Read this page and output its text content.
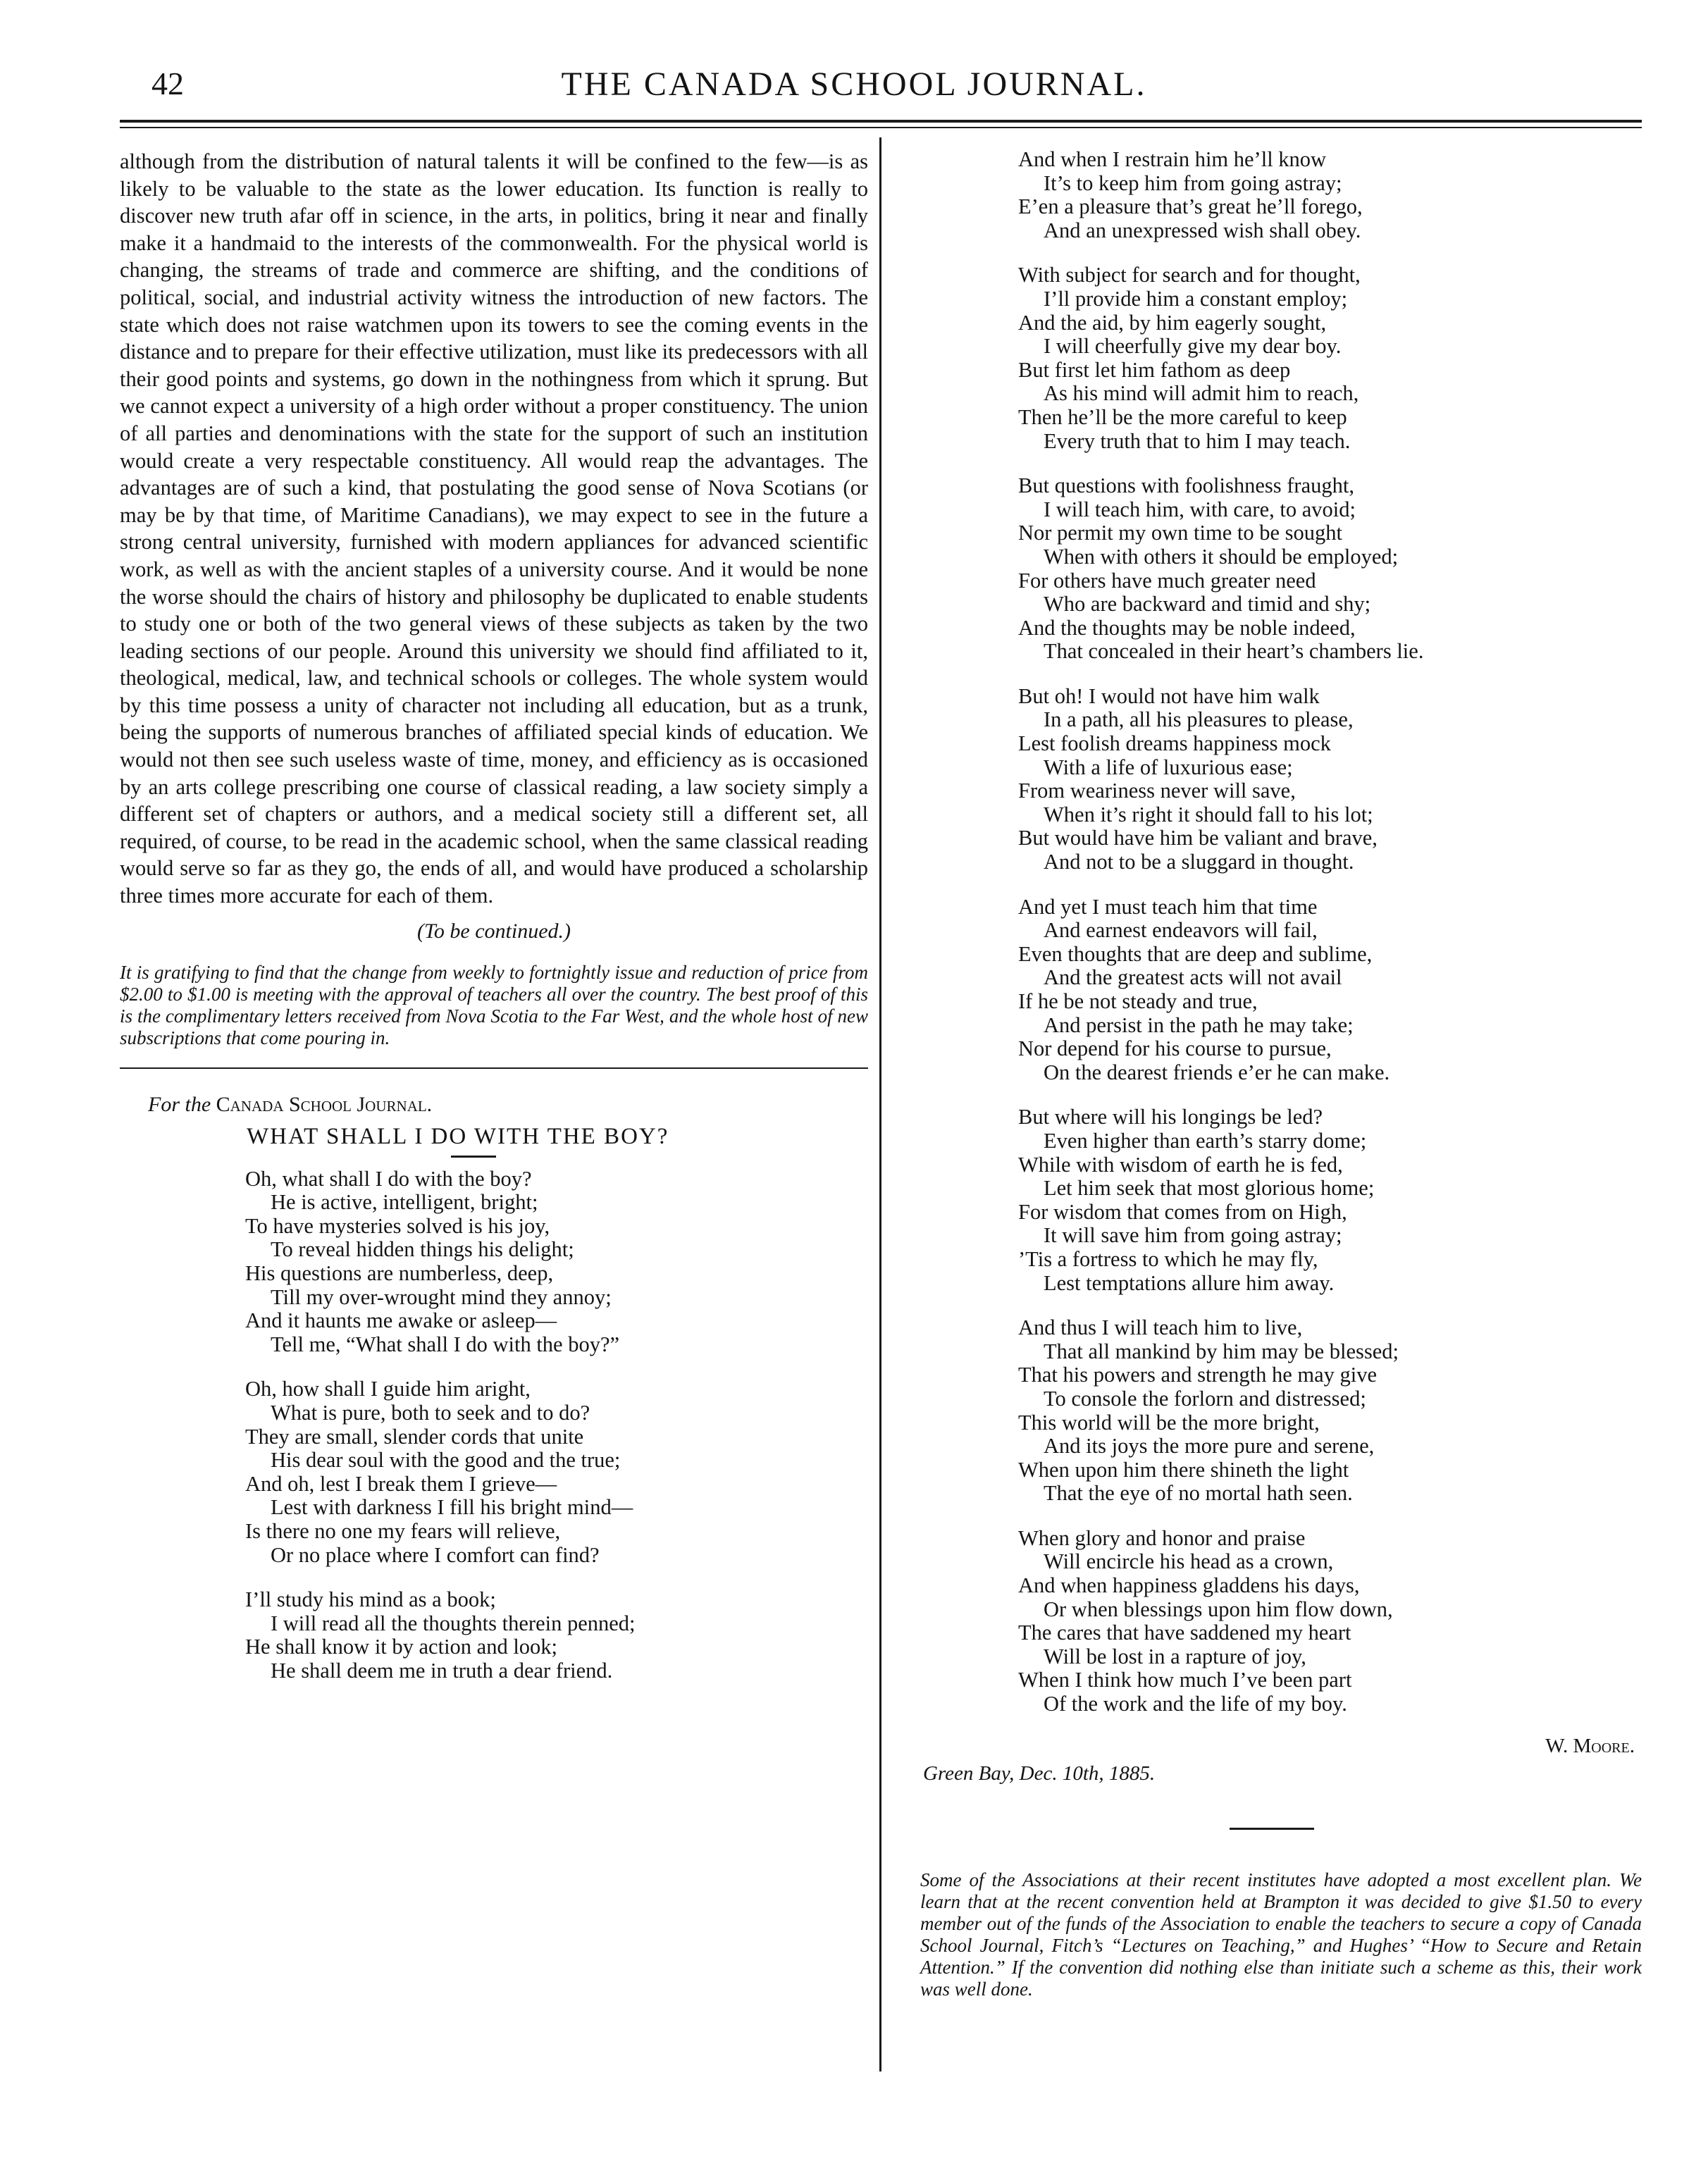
42	THE CANADA SCHOOL JOURNAL.

although from the distribution of natural talents it will be confined to the few—is as likely to be valuable to the state as the lower education. Its function is really to discover new truth afar off in science, in the arts, in politics, bring it near and finally make it a handmaid to the interests of the commonwealth. For the physical world is changing, the streams of trade and commerce are shifting, and the conditions of political, social, and industrial activity witness the introduction of new factors. The state which does not raise watchmen upon its towers to see the coming events in the distance and to prepare for their effective utilization, must like its predecessors with all their good points and systems, go down in the nothingness from which it sprung. But we cannot expect a university of a high order without a proper constituency. The union of all parties and denominations with the state for the support of such an institution would create a very respectable constituency. All would reap the advantages. The advantages are of such a kind, that postulating the good sense of Nova Scotians (or may be by that time, of Maritime Canadians), we may expect to see in the future a strong central university, furnished with modern appliances for advanced scientific work, as well as with the ancient staples of a university course. And it would be none the worse should the chairs of history and philosophy be duplicated to enable students to study one or both of the two general views of these subjects as taken by the two leading sections of our people. Around this university we should find affiliated to it, theological, medical, law, and technical schools or colleges. The whole system would by this time possess a unity of character not including all education, but as a trunk, being the supports of numerous branches of affiliated special kinds of education. We would not then see such useless waste of time, money, and efficiency as is occasioned by an arts college prescribing one course of classical reading, a law society simply a different set of chapters or authors, and a medical society still a different set, all required, of course, to be read in the academic school, when the same classical reading would serve so far as they go, the ends of all, and would have produced a scholarship three times more accurate for each of them.

(To be continued.)
It is gratifying to find that the change from weekly to fortnightly issue and reduction of price from $2.00 to $1.00 is meeting with the approval of teachers all over the country. The best proof of this is the complimentary letters received from Nova Scotia to the Far West, and the whole host of new subscriptions that come pouring in.
For the Canada School Journal.
WHAT SHALL I DO WITH THE BOY?
Oh, what shall I do with the boy?
He is active, intelligent, bright;
To have mysteries solved is his joy,
To reveal hidden things his delight;
His questions are numberless, deep,
Till my over-wrought mind they annoy;
And it haunts me awake or asleep—
Tell me, “What shall I do with the boy?”
Oh, how shall I guide him aright,
What is pure, both to seek and to do?
They are small, slender cords that unite
His dear soul with the good and the true;
And oh, lest I break them I grieve—
Lest with darkness I fill his bright mind—
Is there no one my fears will relieve,
Or no place where I comfort can find?
I’ll study his mind as a book;
I will read all the thoughts therein penned;
He shall know it by action and look;
He shall deem me in truth a dear friend.
And when I restrain him he’ll know
It’s to keep him from going astray;
E’en a pleasure that’s great he’ll forego,
And an unexpressed wish shall obey.
With subject for search and for thought,
I’ll provide him a constant employ;
And the aid, by him eagerly sought,
I will cheerfully give my dear boy.
But first let him fathom as deep
As his mind will admit him to reach,
Then he’ll be the more careful to keep
Every truth that to him I may teach.
But questions with foolishness fraught,
I will teach him, with care, to avoid;
Nor permit my own time to be sought
When with others it should be employed;
For others have much greater need
Who are backward and timid and shy;
And the thoughts may be noble indeed,
That concealed in their heart’s chambers lie.
But oh! I would not have him walk
In a path, all his pleasures to please,
Lest foolish dreams happiness mock
With a life of luxurious ease;
From weariness never will save,
When it’s right it should fall to his lot;
But would have him be valiant and brave,
And not to be a sluggard in thought.
And yet I must teach him that time
And earnest endeavors will fail,
Even thoughts that are deep and sublime,
And the greatest acts will not avail
If he be not steady and true,
And persist in the path he may take;
Nor depend for his course to pursue,
On the dearest friends e’er he can make.
But where will his longings be led?
Even higher than earth’s starry dome;
While with wisdom of earth he is fed,
Let him seek that most glorious home;
For wisdom that comes from on High,
It will save him from going astray;
’Tis a fortress to which he may fly,
Lest temptations allure him away.
And thus I will teach him to live,
That all mankind by him may be blessed;
That his powers and strength he may give
To console the forlorn and distressed;
This world will be the more bright,
And its joys the more pure and serene,
When upon him there shineth the light
That the eye of no mortal hath seen.
When glory and honor and praise
Will encircle his head as a crown,
And when happiness gladdens his days,
Or when blessings upon him flow down,
The cares that have saddened my heart
Will be lost in a rapture of joy,
When I think how much I’ve been part
Of the work and the life of my boy.
W. Moore.
Green Bay, Dec. 10th, 1885.
Some of the Associations at their recent institutes have adopted a most excellent plan. We learn that at the recent convention held at Brampton it was decided to give $1.50 to every member out of the funds of the Association to enable the teachers to secure a copy of Canada School Journal, Fitch’s “Lectures on Teaching,” and Hughes’ “How to Secure and Retain Attention.” If the convention did nothing else than initiate such a scheme as this, their work was well done.
